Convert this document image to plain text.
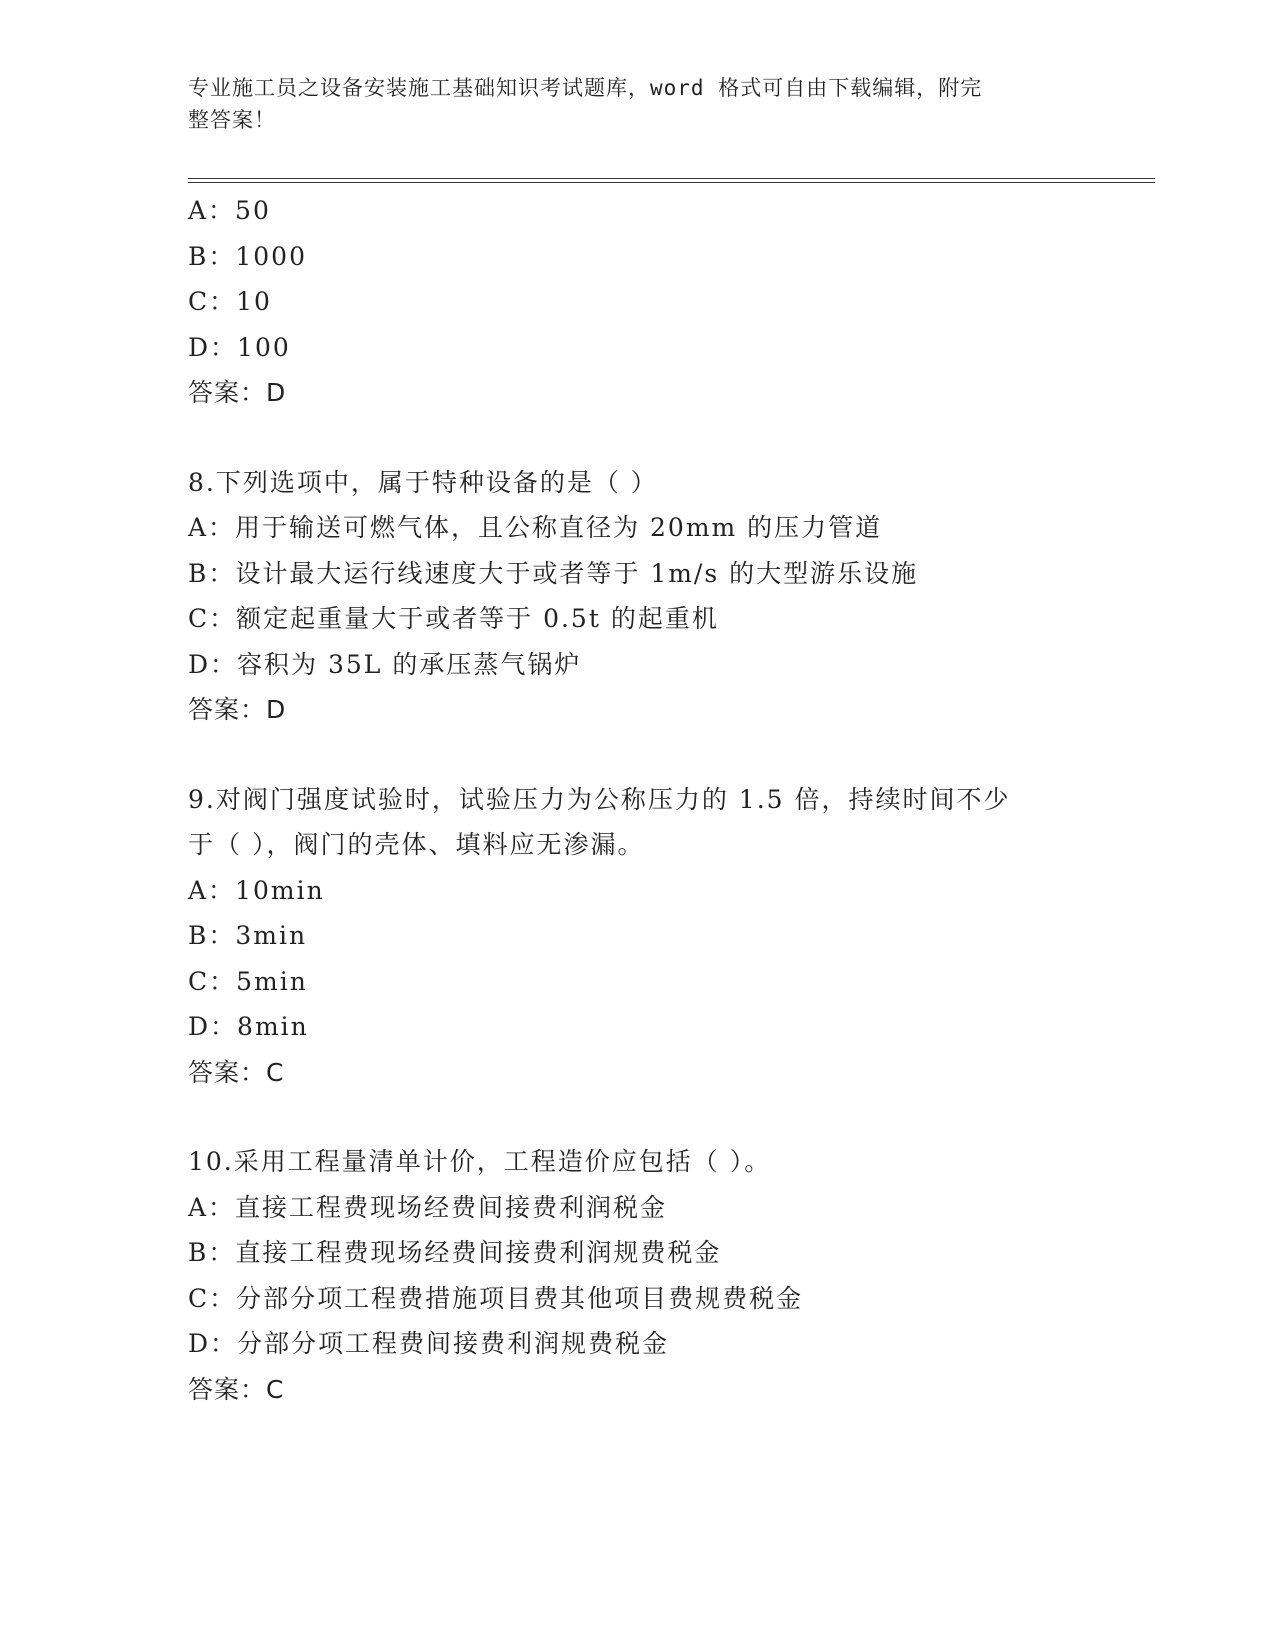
专业施工员之设备安装施工基础知识考试题库，word 格式可自由下载编辑，附完
整答案！
A：50
B：1000
C：10
D：100
答案：D
8.下列选项中，属于特种设备的是（ ）
A：用于输送可燃气体，且公称直径为 20mm 的压力管道
B：设计最大运行线速度大于或者等于 1m/s 的大型游乐设施
C：额定起重量大于或者等于 0.5t 的起重机
D：容积为 35L 的承压蒸气锅炉
答案：D
9.对阀门强度试验时，试验压力为公称压力的 1.5 倍，持续时间不少
于（ ），阀门的壳体、填料应无渗漏。
A：10min
B：3min
C：5min
D：8min
答案：C
10.采用工程量清单计价，工程造价应包括（ ）。
A：直接工程费现场经费间接费利润税金
B：直接工程费现场经费间接费利润规费税金
C：分部分项工程费措施项目费其他项目费规费税金
D：分部分项工程费间接费利润规费税金
答案：C
